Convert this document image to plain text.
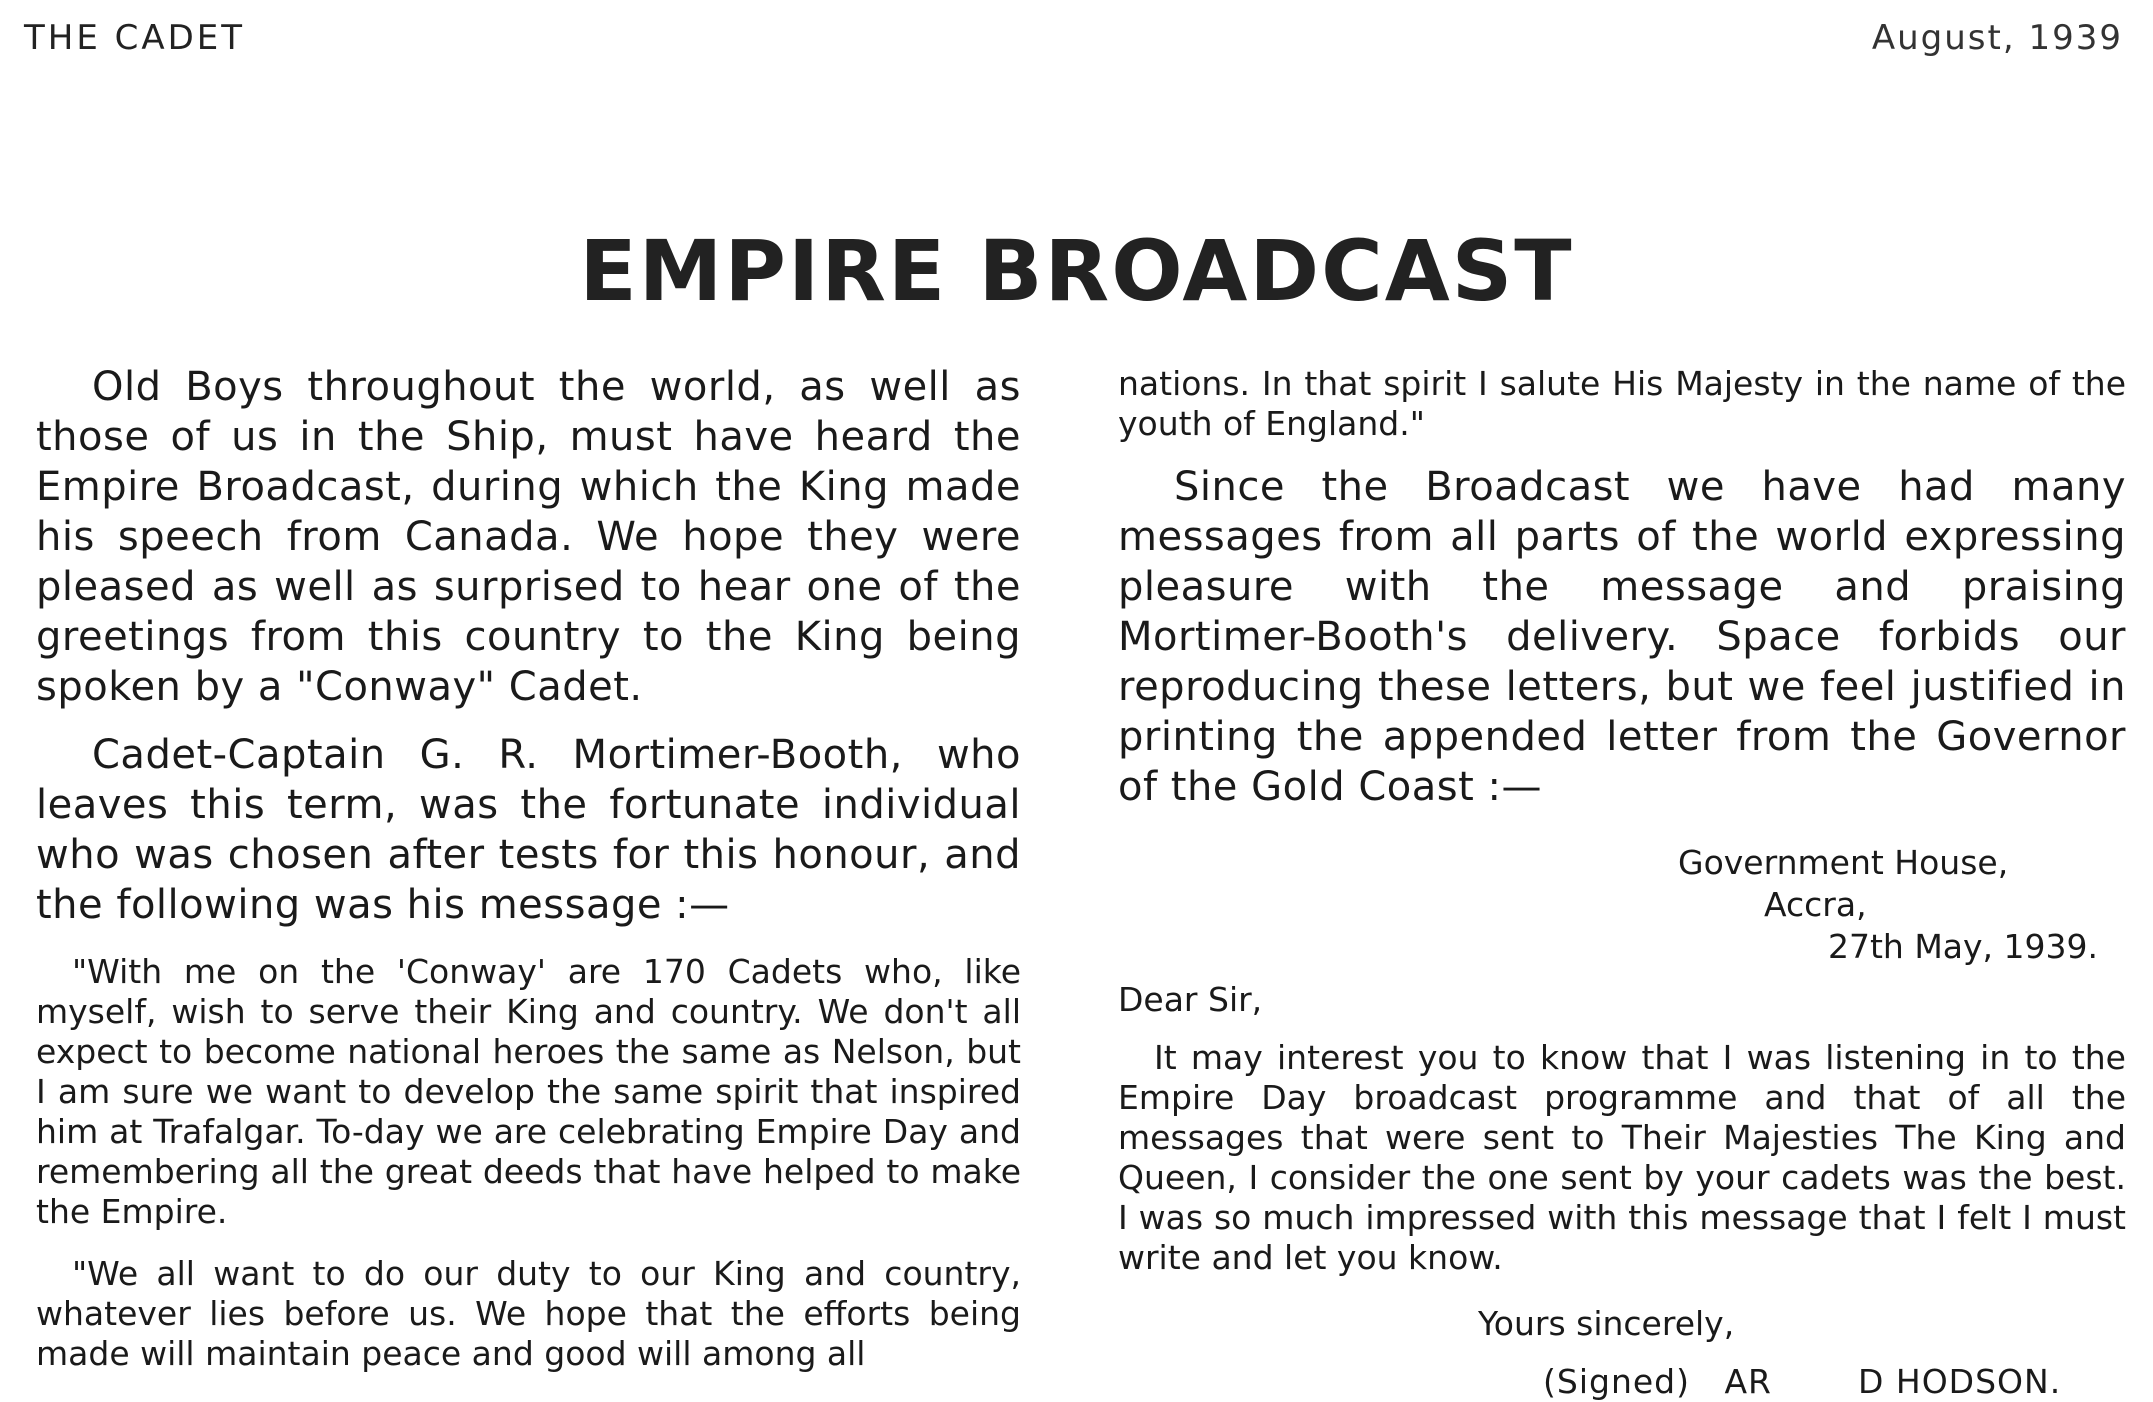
THE CADET	August, 1939
EMPIRE BROADCAST

Old Boys throughout the world, as well as those of us in the Ship, must have heard the Empire Broadcast, during which the King made his speech from Canada. We hope they were pleased as well as surprised to hear one of the greetings from this country to the King being spoken by a "Conway" Cadet.

Cadet-Captain G. R. Mortimer-Booth, who leaves this term, was the fortunate individual who was chosen after tests for this honour, and the following was his message :—

"With me on the 'Conway' are 170 Cadets who, like myself, wish to serve their King and country. We don't all expect to become national heroes the same as Nelson, but I am sure we want to develop the same spirit that inspired him at Trafalgar. To-day we are celebrating Empire Day and remembering all the great deeds that have helped to make the Empire.

"We all want to do our duty to our King and country, whatever lies before us. We hope that the efforts being made will maintain peace and good will among all

nations. In that spirit I salute His Majesty in the name of the youth of England."

Since the Broadcast we have had many messages from all parts of the world expressing pleasure with the message and praising Mortimer-Booth's delivery. Space forbids our reproducing these letters, but we feel justified in printing the appended letter from the Governor of the Gold Coast :—

Government House,
Accra,
27th May, 1939.
Dear Sir,

It may interest you to know that I was listening in to the Empire Day broadcast programme and that of all the messages that were sent to Their Majesties The King and Queen, I consider the one sent by your cadets was the best. I was so much impressed with this message that I felt I must write and let you know.

Yours sincerely,
(Signed) AR	D HODSON.
